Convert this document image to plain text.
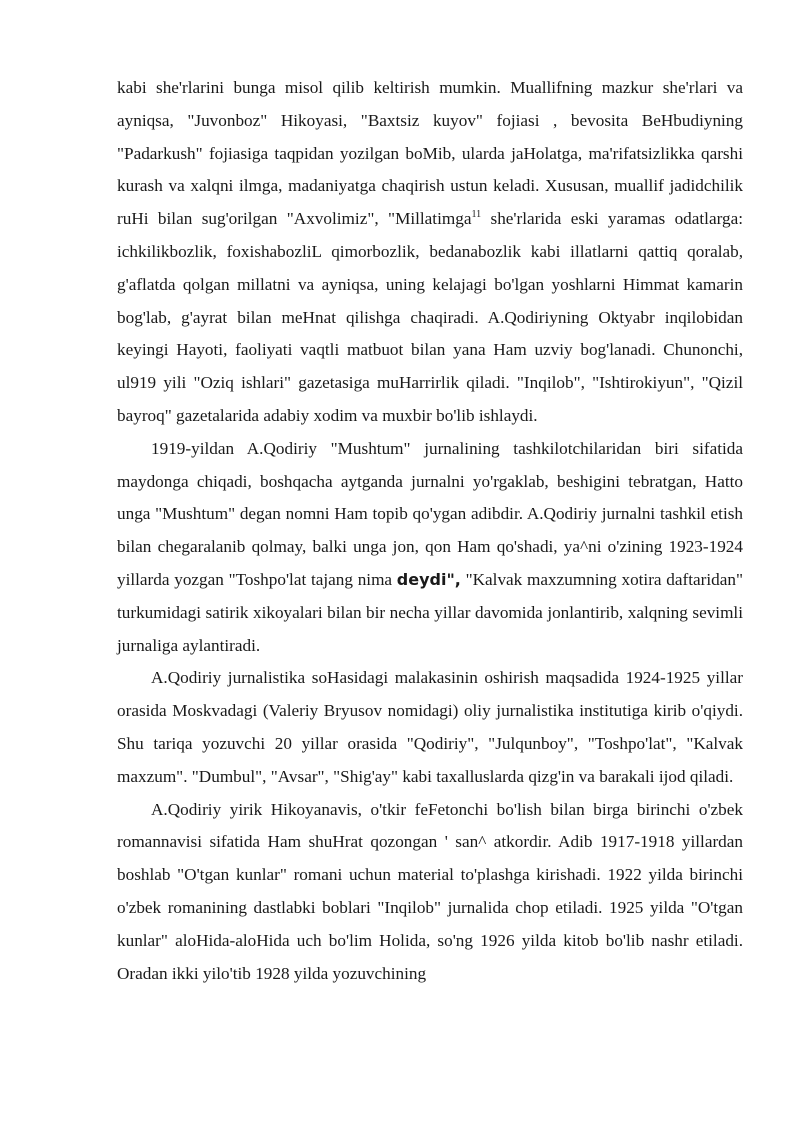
kabi she'rlarini bunga misol qilib keltirish mumkin. Muallifning mazkur she'rlari va ayniqsa, "Juvonboz" Hikoyasi, "Baxtsiz kuyov" fojiasi , bevosita BeHbudiyning "Padarkush" fojiasiga taqpidan yozilgan boMib, ularda jaHolatga, ma'rifatsizlikka qarshi kurash va xalqni ilmga, madaniyatga chaqirish ustun keladi. Xususan, muallif jadidchilik ruHi bilan sug'orilgan "Axvolimiz", "Millatimga$^{11}$ she'rlarida eski yaramas odatlarga: ichkilikbozlik, foxishabozliL qimorbozlik, bedanabozlik kabi illatlarni qattiq qoralab, g'aflatda qolgan millatni va ayniqsa, uning kelajagi bo'lgan yoshlarni Himmat kamarin bog'lab, g'ayrat bilan meHnat qilishga chaqiradi. A.Qodiriyning Oktyabr inqilobidan keyingi Hayoti, faoliyati vaqtli matbuot bilan yana Ham uzviy bog'lanadi. Chunonchi, ul919 yili "Oziq ishlari" gazetasiga muHarrirlik qiladi. "Inqilob", "Ishtirokiyun", "Qizil bayroq" gazetalarida adabiy xodim va muxbir bo'lib ishlaydi.

1919-yildan A.Qodiriy "Mushtum" jurnalining tashkilotchilaridan biri sifatida maydonga chiqadi, boshqacha aytganda jurnalni yo'rgaklab, beshigini tebratgan, Hatto unga "Mushtum" degan nomni Ham topib qo'ygan adibdir. A.Qodiriy jurnalni tashkil etish bilan chegaralanib qolmay, balki unga jon, qon Ham qo'shadi, ya^ni o'zining 1923-1924 yillarda yozgan "Toshpo'lat tajang nima deydi", "Kalvak maxzumning xotira daftaridan" turkumidagi satirik xikoyalari bilan bir necha yillar davomida jonlantirib, xalqning sevimli jurnaliga aylantiradi.

A.Qodiriy jurnalistika soHasidagi malakasinin oshirish maqsadida 1924-1925 yillar orasida Moskvadagi (Valeriy Bryusov nomidagi) oliy jurnalistika institutiga kirib o'qiydi. Shu tariqa yozuvchi 20 yillar orasida "Qodiriy", "Julqunboy", "Toshpo'lat", "Kalvak maxzum". "Dumbul", "Avsar", "Shig'ay" kabi taxalluslarda qizg'in va barakali ijod qiladi.

A.Qodiriy yirik Hikoyanavis, o'tkir feFetonchi bo'lish bilan birga birinchi o'zbek romannavisi sifatida Ham shuHrat qozongan ' san^ atkordir. Adib 1917-1918 yillardan boshlab "O'tgan kunlar" romani uchun material to'plashga kirishadi. 1922 yilda birinchi o'zbek romanining dastlabki boblari "Inqilob" jurnalida chop etiladi. 1925 yilda "O'tgan kunlar" aloHida-aloHida uch bo'lim Holida, so'ng 1926 yilda kitob bo'lib nashr etiladi. Oradan ikki yilo'tib 1928 yilda yozuvchining
